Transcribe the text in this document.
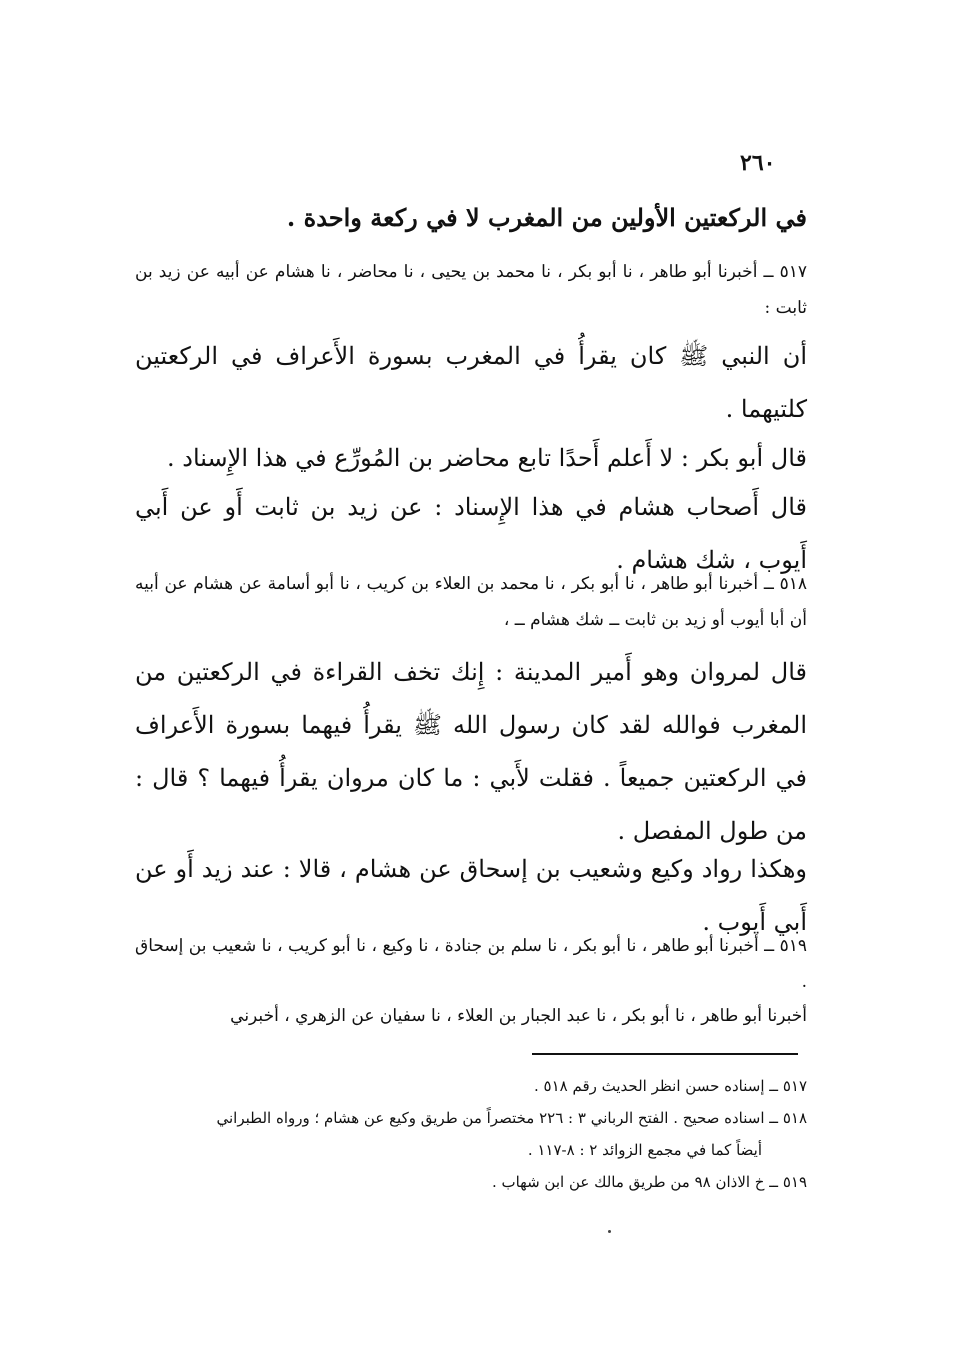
٢٦٠
في الركعتين الأولين من المغرب لا في ركعة واحدة .
٥١٧ ــ أخبرنا أبو طاهر ، نا أبو بكر ، نا محمد بن يحيى ، نا محاضر ، نا هشام عن أبيه عن زيد بن ثابت :
أن النبي ﷺ كان يقرأُ في المغرب بسورة الأَعراف في الركعتين كلتيهما .
قال أبو بكر : لا أَعلم أَحدًا تابع محاضر بن المُورِّع في هذا الإِسناد .
قال أَصحاب هشام في هذا الإِسناد : عن زيد بن ثابت أَو عن أَبي أَيوب ، شك هشام .
٥١٨ ــ أخبرنا أبو طاهر ، نا أبو بكر ، نا محمد بن العلاء بن كريب ، نا أبو أسامة عن هشام عن أبيه أن أبا أيوب أو زيد بن ثابت ــ شك هشام ــ ،
قال لمروان وهو أَمير المدينة : إِنك تخف القراءة في الركعتين من المغرب فوالله لقد كان رسول الله ﷺ يقرأُ فيهما بسورة الأَعراف في الركعتين جميعاً . فقلت لأَبي : ما كان مروان يقرأُ فيهما ؟ قال : من طول المفصل .
وهكذا رواد وكيع وشعيب بن إسحاق عن هشام ، قالا : عند زيد أَو عن أَبي أَيوب .
٥١٩ ــ أخبرنا أبو طاهر ، نا أبو بكر ، نا سلم بن جنادة ، نا وكيع ، نا أبو كريب ، نا شعيب بن إسحاق .
أخبرنا أبو طاهر ، نا أبو بكر ، نا عبد الجبار بن العلاء ، نا سفيان عن الزهري ، أخبرني
٥١٧ ــ إسناده حسن انظر الحديث رقم ٥١٨ .
٥١٨ ــ اسناده صحيح . الفتح الرباني ٣ : ٢٢٦ مختصراً من طريق وكيع عن هشام ؛ ورواه الطبراني
أيضاً كما في مجمع الزوائد ٢ : ٨-١١٧ .
٥١٩ ــ خ الاذان ٩٨ من طريق مالك عن ابن شهاب .
